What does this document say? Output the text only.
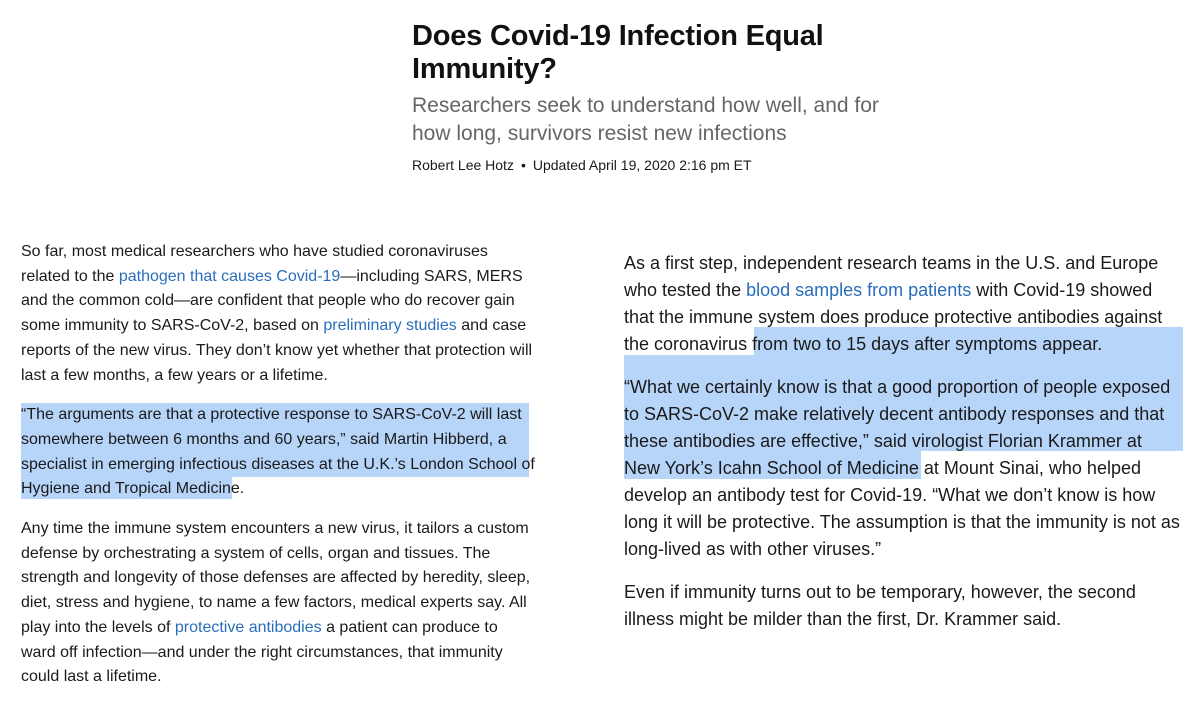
Does Covid-19 Infection Equal Immunity?
Researchers seek to understand how well, and for how long, survivors resist new infections
Robert Lee Hotz • Updated April 19, 2020 2:16 pm ET

So far, most medical researchers who have studied coronaviruses related to the pathogen that causes Covid-19—including SARS, MERS and the common cold—are confident that people who do recover gain some immunity to SARS-CoV-2, based on preliminary studies and case reports of the new virus. They don’t know yet whether that protection will last a few months, a few years or a lifetime.

“The arguments are that a protective response to SARS-CoV-2 will last somewhere between 6 months and 60 years,” said Martin Hibberd, a specialist in emerging infectious diseases at the U.K.’s London School of Hygiene and Tropical Medicine.

Any time the immune system encounters a new virus, it tailors a custom defense by orchestrating a system of cells, organ and tissues. The strength and longevity of those defenses are affected by heredity, sleep, diet, stress and hygiene, to name a few factors, medical experts say. All play into the levels of protective antibodies a patient can produce to ward off infection—and under the right circumstances, that immunity could last a lifetime.

As a first step, independent research teams in the U.S. and Europe who tested the blood samples from patients with Covid-19 showed that the immune system does produce protective antibodies against the coronavirus from two to 15 days after symptoms appear.

“What we certainly know is that a good proportion of people exposed to SARS-CoV-2 make relatively decent antibody responses and that these antibodies are effective,” said virologist Florian Krammer at New York’s Icahn School of Medicine at Mount Sinai, who helped develop an antibody test for Covid-19. “What we don’t know is how long it will be protective. The assumption is that the immunity is not as long-lived as with other viruses.”

Even if immunity turns out to be temporary, however, the second illness might be milder than the first, Dr. Krammer said.
